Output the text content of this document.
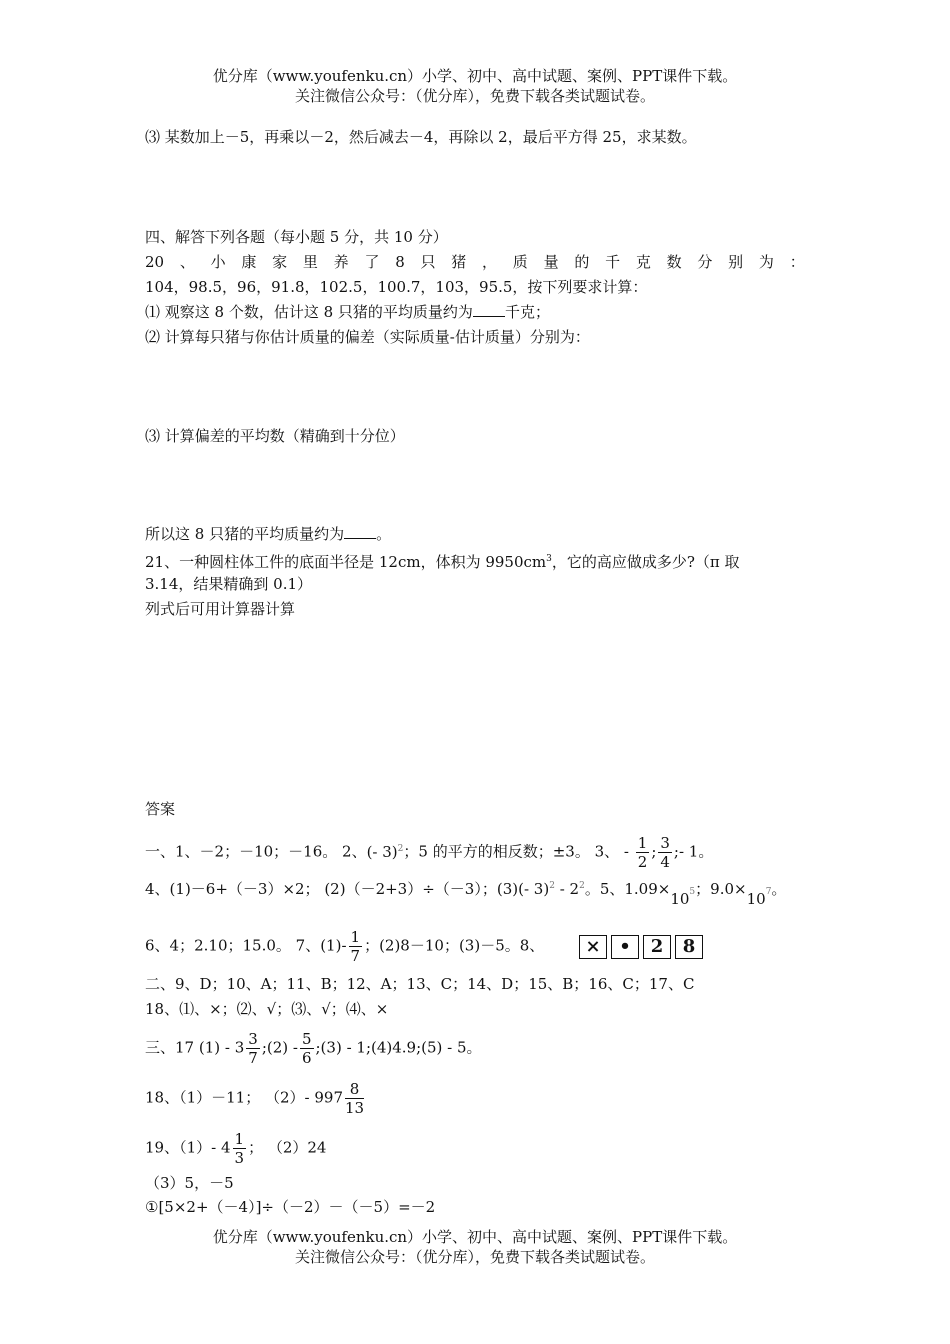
优分库（www.youfenku.cn）小学、初中、高中试题、案例、PPT课件下载。
关注微信公众号：（优分库），免费下载各类试题试卷。
⑶ 某数加上－5，再乘以－2，然后减去－4，再除以 2，最后平方得 25，求某数。
四、解答下列各题（每小题 5 分，共 10 分）
20 、 小 康 家 里 养 了 8 只 猪 ， 质 量 的 千 克 数 分 别 为 ：
104，98.5，96，91.8，102.5，100.7，103，95.5，按下列要求计算：
⑴ 观察这 8 个数，估计这 8 只猪的平均质量约为 千克；
⑵ 计算每只猪与你估计质量的偏差（实际质量-估计质量）分别为：
⑶ 计算偏差的平均数（精确到十分位）
所以这 8 只猪的平均质量约为 。
21、一种圆柱体工件的底面半径是 12cm，体积为 $9950cm^3$，它的高应做成多少?（π 取
3.14，结果精确到 0.1）
列式后可用计算器计算
答案
一、1、－2；－10；－16。 2、(- 3)$^2$；5 的平方的相反数；±3。 3、 - $\frac{1}{2}$ ; $\frac{3}{4}$ ;- 1。
4、(1)－6+（－3）×2； (2)（－2+3）÷（－3）；(3)(- $3)^2 - 2^2$。5、1.09×105；9.0×107。
6、4；2.10；15.0。 7、$(1)- \frac{1}{7}$ ；(2)8－10；(3)－5。8、 × • 2 8
二、9、D；10、A；11、B；12、A；13、C；14、D；15、B；16、C；17、C
18、⑴、×；⑵、√；⑶、√；⑷、×
三、17 $(1) - 3 \frac{3}{7}$ ;(2) - $\frac{5}{6}$ ;(3) - 1;(4)4.9;(5) - 5。
18、（1）－11； （2）- $997 \frac{8}{13}$
19、（1）- $4 \frac{1}{3}$ ； （2）24
（3）5，－5
①[5×2+（－4）]÷（－2）－（－5）=－2
优分库（www.youfenku.cn）小学、初中、高中试题、案例、PPT课件下载。
关注微信公众号：（优分库），免费下载各类试题试卷。
